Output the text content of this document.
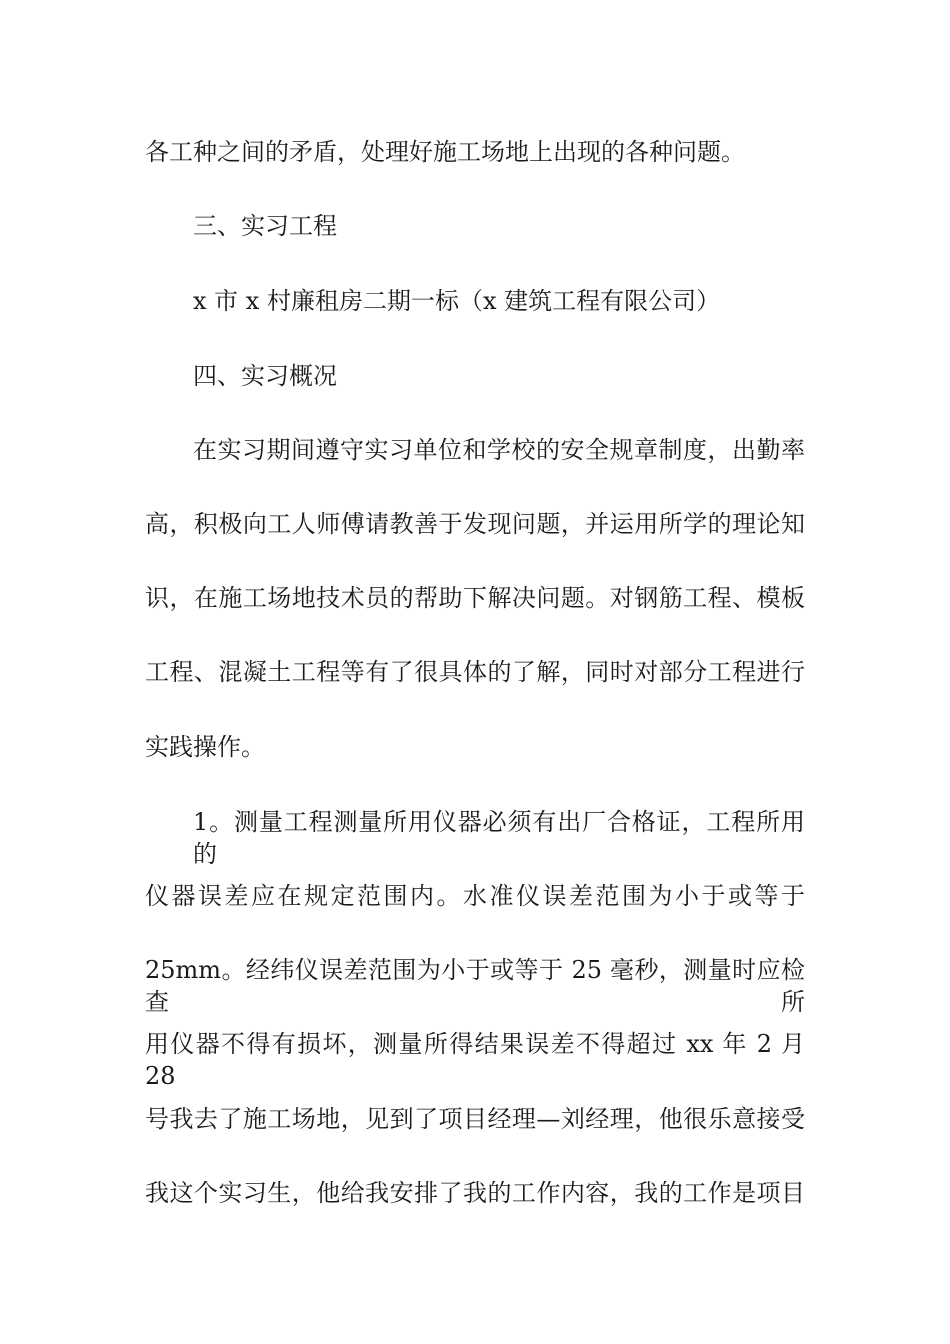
各工种之间的矛盾，处理好施工场地上出现的各种问题。
三、实习工程
x 市 x 村廉租房二期一标（x 建筑工程有限公司）
四、实习概况
在实习期间遵守实习单位和学校的安全规章制度，出勤率
高，积极向工人师傅请教善于发现问题，并运用所学的理论知
识，在施工场地技术员的帮助下解决问题。对钢筋工程、模板
工程、混凝土工程等有了很具体的了解，同时对部分工程进行
实践操作。
1。测量工程测量所用仪器必须有出厂合格证，工程所用的
仪器误差应在规定范围内。水准仪误差范围为小于或等于
25mm。经纬仪误差范围为小于或等于 25 毫秒，测量时应检查所
用仪器不得有损坏，测量所得结果误差不得超过 xx 年 2 月 28
号我去了施工场地，见到了项目经理—刘经理，他很乐意接受
我这个实习生，他给我安排了我的工作内容，我的工作是项目
